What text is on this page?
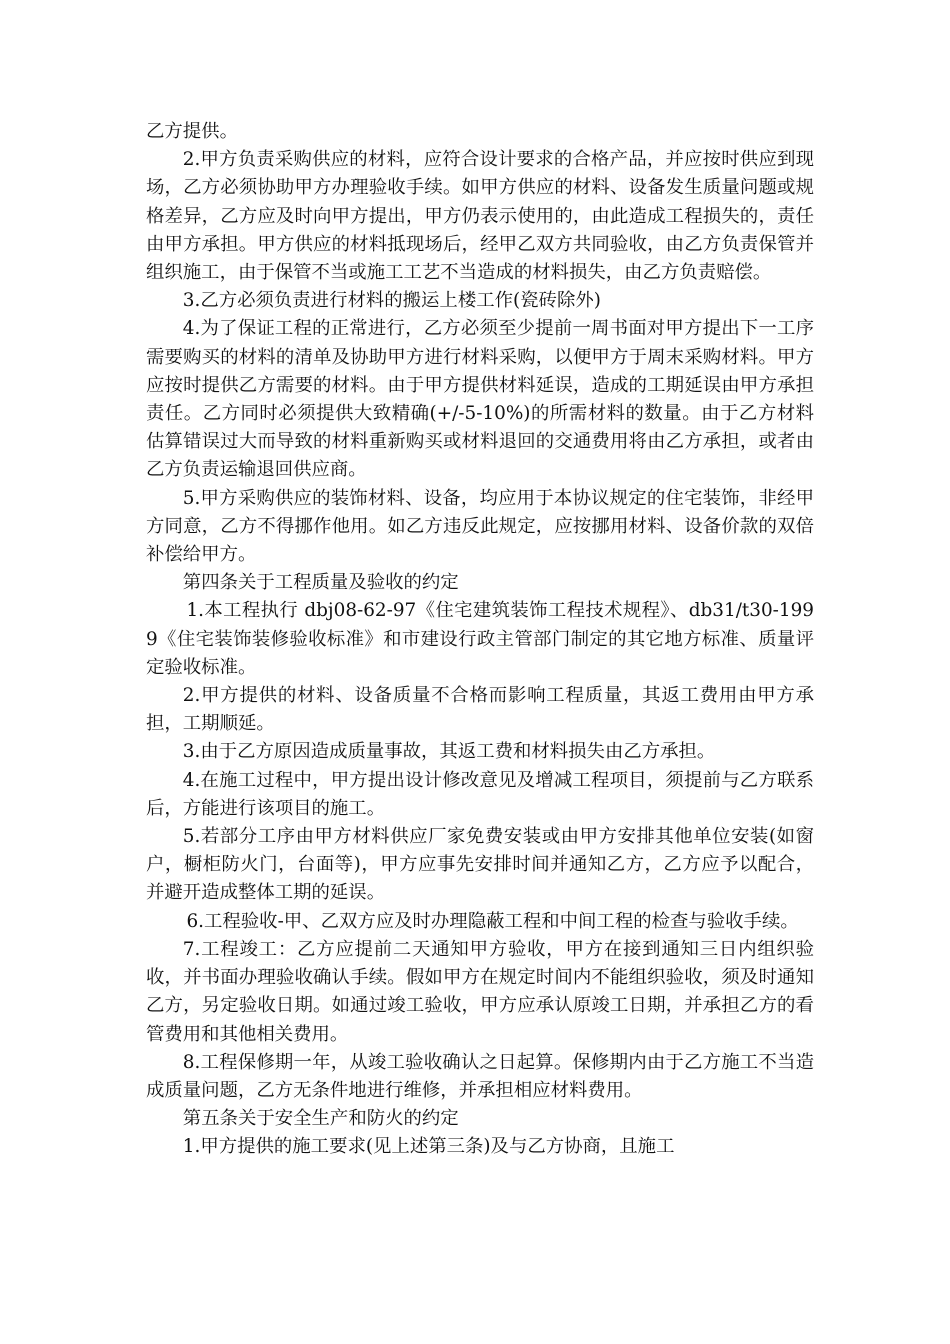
乙方提供。

2.甲方负责采购供应的材料，应符合设计要求的合格产品，并应按时供应到现场，乙方必须协助甲方办理验收手续。如甲方供应的材料、设备发生质量问题或规格差异，乙方应及时向甲方提出，甲方仍表示使用的，由此造成工程损失的，责任由甲方承担。甲方供应的材料抵现场后，经甲乙双方共同验收，由乙方负责保管并组织施工，由于保管不当或施工工艺不当造成的材料损失，由乙方负责赔偿。

3.乙方必须负责进行材料的搬运上楼工作(瓷砖除外)

4.为了保证工程的正常进行，乙方必须至少提前一周书面对甲方提出下一工序需要购买的材料的清单及协助甲方进行材料采购，以便甲方于周末采购材料。甲方应按时提供乙方需要的材料。由于甲方提供材料延误，造成的工期延误由甲方承担责任。乙方同时必须提供大致精确(+/-5-10%)的所需材料的数量。由于乙方材料估算错误过大而导致的材料重新购买或材料退回的交通费用将由乙方承担，或者由乙方负责运输退回供应商。

5.甲方采购供应的装饰材料、设备，均应用于本协议规定的住宅装饰，非经甲方同意，乙方不得挪作他用。如乙方违反此规定，应按挪用材料、设备价款的双倍补偿给甲方。

第四条关于工程质量及验收的约定

1.本工程执行 dbj08-62-97《住宅建筑装饰工程技术规程》、db31/t30-1999《住宅装饰装修验收标准》和市建设行政主管部门制定的其它地方标准、质量评定验收标准。

2.甲方提供的材料、设备质量不合格而影响工程质量，其返工费用由甲方承担，工期顺延。

3.由于乙方原因造成质量事故，其返工费和材料损失由乙方承担。

4.在施工过程中，甲方提出设计修改意见及增减工程项目，须提前与乙方联系后，方能进行该项目的施工。

5.若部分工序由甲方材料供应厂家免费安装或由甲方安排其他单位安装(如窗户，橱柜防火门，台面等)，甲方应事先安排时间并通知乙方，乙方应予以配合，并避开造成整体工期的延误。

6.工程验收-甲、乙双方应及时办理隐蔽工程和中间工程的检查与验收手续。

7.工程竣工：乙方应提前二天通知甲方验收，甲方在接到通知三日内组织验收，并书面办理验收确认手续。假如甲方在规定时间内不能组织验收，须及时通知乙方，另定验收日期。如通过竣工验收，甲方应承认原竣工日期，并承担乙方的看管费用和其他相关费用。

8.工程保修期一年，从竣工验收确认之日起算。保修期内由于乙方施工不当造成质量问题，乙方无条件地进行维修，并承担相应材料费用。

第五条关于安全生产和防火的约定

1.甲方提供的施工要求(见上述第三条)及与乙方协商，且施工
